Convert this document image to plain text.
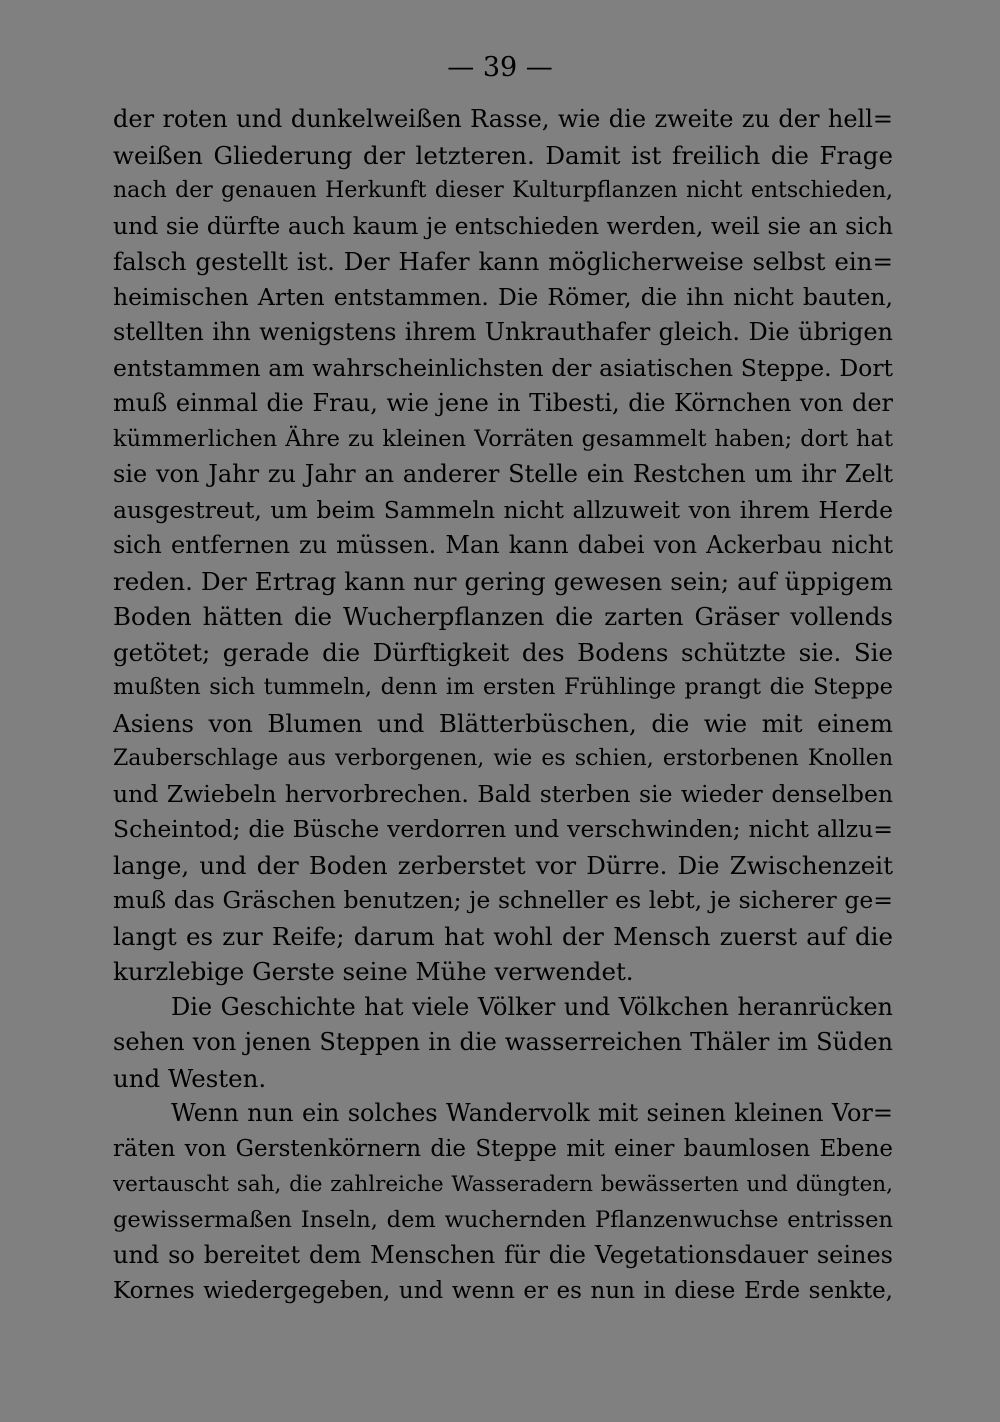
— 39 —
der roten und dunkelweißen Rasse, wie die zweite zu der hell=
weißen Gliederung der letzteren. Damit ist freilich die Frage
nach der genauen Herkunft dieser Kulturpflanzen nicht entschieden,
und sie dürfte auch kaum je entschieden werden, weil sie an sich
falsch gestellt ist. Der Hafer kann möglicherweise selbst ein=
heimischen Arten entstammen. Die Römer, die ihn nicht bauten,
stellten ihn wenigstens ihrem Unkrauthafer gleich. Die übrigen
entstammen am wahrscheinlichsten der asiatischen Steppe. Dort
muß einmal die Frau, wie jene in Tibesti, die Körnchen von der
kümmerlichen Ähre zu kleinen Vorräten gesammelt haben; dort hat
sie von Jahr zu Jahr an anderer Stelle ein Restchen um ihr Zelt
ausgestreut, um beim Sammeln nicht allzuweit von ihrem Herde
sich entfernen zu müssen. Man kann dabei von Ackerbau nicht
reden. Der Ertrag kann nur gering gewesen sein; auf üppigem
Boden hätten die Wucherpflanzen die zarten Gräser vollends
getötet; gerade die Dürftigkeit des Bodens schützte sie. Sie
mußten sich tummeln, denn im ersten Frühlinge prangt die Steppe
Asiens von Blumen und Blätterbüschen, die wie mit einem
Zauberschlage aus verborgenen, wie es schien, erstorbenen Knollen
und Zwiebeln hervorbrechen. Bald sterben sie wieder denselben
Scheintod; die Büsche verdorren und verschwinden; nicht allzu=
lange, und der Boden zerberstet vor Dürre. Die Zwischenzeit
muß das Gräschen benutzen; je schneller es lebt, je sicherer ge=
langt es zur Reife; darum hat wohl der Mensch zuerst auf die
kurzlebige Gerste seine Mühe verwendet.
Die Geschichte hat viele Völker und Völkchen heranrücken
sehen von jenen Steppen in die wasserreichen Thäler im Süden
und Westen.
Wenn nun ein solches Wandervolk mit seinen kleinen Vor=
räten von Gerstenkörnern die Steppe mit einer baumlosen Ebene
vertauscht sah, die zahlreiche Wasseradern bewässerten und düngten,
gewissermaßen Inseln, dem wuchernden Pflanzenwuchse entrissen
und so bereitet dem Menschen für die Vegetationsdauer seines
Kornes wiedergegeben, und wenn er es nun in diese Erde senkte,
